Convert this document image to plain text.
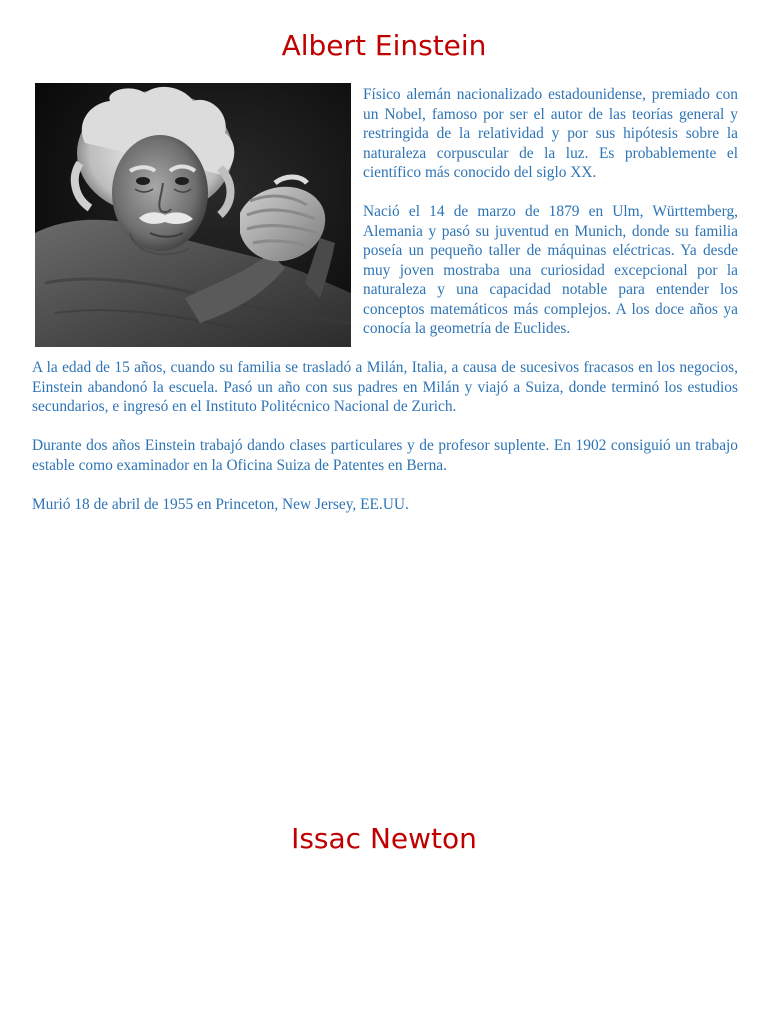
Albert Einstein

Físico alemán nacionalizado estadounidense, premiado con un Nobel, famoso por ser el autor de las teorías general y restringida de la relatividad y por sus hipótesis sobre la naturaleza corpuscular de la luz. Es probablemente el científico más conocido del siglo XX.

Nació el 14 de marzo de 1879 en Ulm, Württemberg, Alemania y pasó su juventud en Munich, donde su familia poseía un pequeño taller de máquinas eléctricas. Ya desde muy joven mostraba una curiosidad excepcional por la naturaleza y una capacidad notable para entender los conceptos matemáticos más complejos. A los doce años ya conocía la geometría de Euclides.

A la edad de 15 años, cuando su familia se trasladó a Milán, Italia, a causa de sucesivos fracasos en los negocios, Einstein abandonó la escuela. Pasó un año con sus padres en Milán y viajó a Suiza, donde terminó los estudios secundarios, e ingresó en el Instituto Politécnico Nacional de Zurich.

Durante dos años Einstein trabajó dando clases particulares y de profesor suplente. En 1902 consiguió un trabajo estable como examinador en la Oficina Suiza de Patentes en Berna.

Murió 18 de abril de 1955 en Princeton, New Jersey, EE.UU.

Issac Newton
